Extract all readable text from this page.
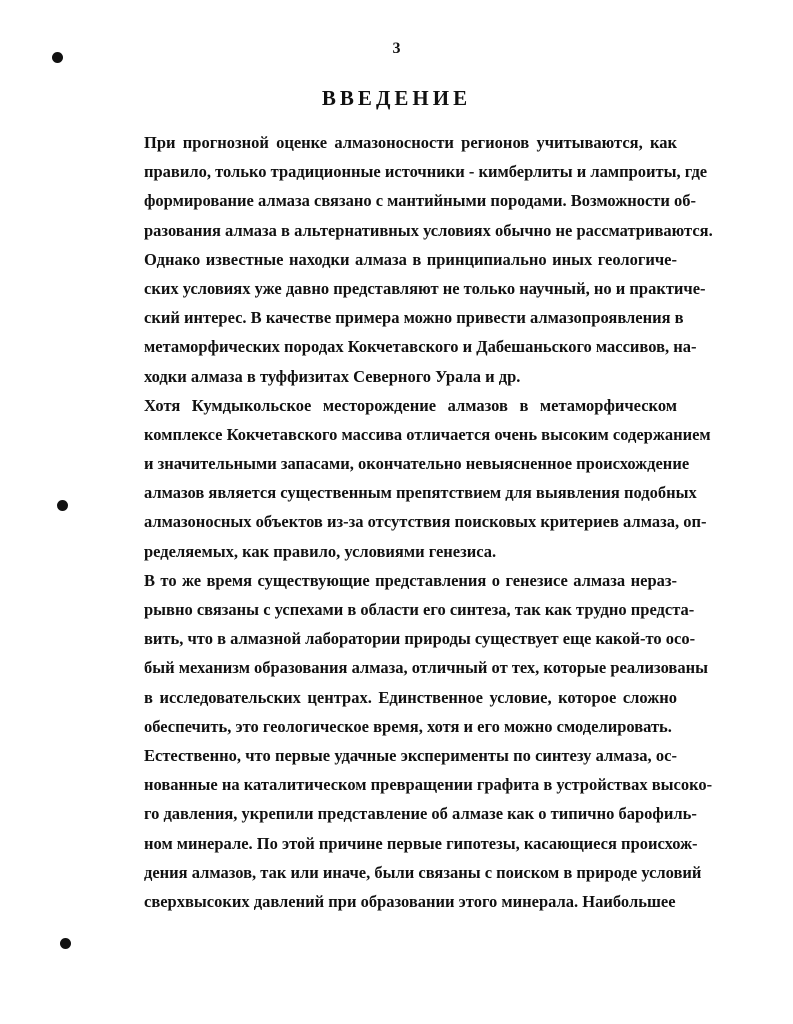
3
ВВЕДЕНИЕ
При прогнозной оценке алмазоносности регионов учитываются, как
правило, только традиционные источники - кимберлиты и лампроиты, где
формирование алмаза связано с мантийными породами. Возможности об-
разования алмаза в альтернативных условиях обычно не рассматриваются.
Однако известные находки алмаза в принципиально иных геологиче-
ских условиях уже давно представляют не только научный, но и практиче-
ский интерес. В качестве примера можно привести алмазопроявления в
метаморфических породах Кокчетавского и Дабешаньского массивов, на-
ходки алмаза в туффизитах Северного Урала и др.
Хотя Кумдыкольское месторождение алмазов в метаморфическом
комплексе Кокчетавского массива отличается очень высоким содержанием
и значительными запасами, окончательно невыясненное происхождение
алмазов является существенным препятствием для выявления подобных
алмазоносных объектов из-за отсутствия поисковых критериев алмаза, оп-
ределяемых, как правило, условиями генезиса.
В то же время существующие представления о генезисе алмаза нераз-
рывно связаны с успехами в области его синтеза, так как трудно предста-
вить, что в алмазной лаборатории природы существует еще какой-то осо-
бый механизм образования алмаза, отличный от тех, которые реализованы
в исследовательских центрах. Единственное условие, которое сложно
обеспечить, это геологическое время, хотя и его можно смоделировать.
Естественно, что первые удачные эксперименты по синтезу алмаза, ос-
нованные на каталитическом превращении графита в устройствах высоко-
го давления, укрепили представление об алмазе как о типично барофиль-
ном минерале. По этой причине первые гипотезы, касающиеся происхож-
дения алмазов, так или иначе, были связаны с поиском в природе условий
сверхвысоких давлений при образовании этого минерала. Наибольшее
